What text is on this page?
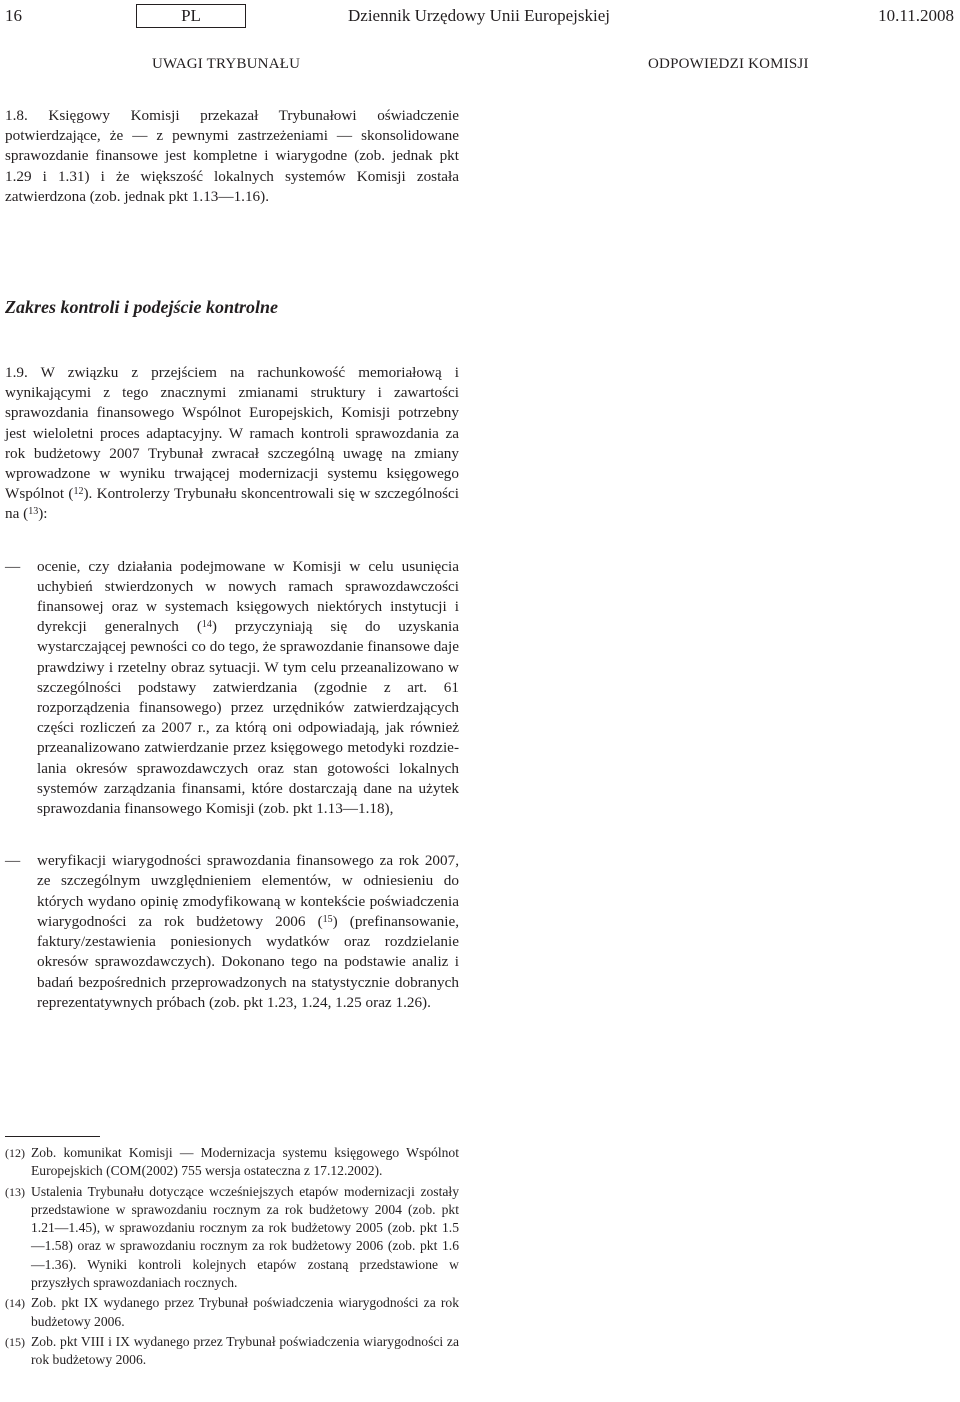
16	PL	Dziennik Urzędowy Unii Europejskiej	10.11.2008
UWAGI TRYBUNAŁU	ODPOWIEDZI KOMISJI

1.8. Księgowy Komisji przekazał Trybunałowi oświadczenie potwierdzające, że — z pewnymi zastrzeżeniami — skonsolidowane sprawozdanie finansowe jest kompletne i wiarygodne (zob. jednak pkt 1.29 i 1.31) i że większość lokalnych systemów Komisji została zatwierdzona (zob. jednak pkt 1.13—1.16).

Zakres kontroli i podejście kontrolne

1.9. W związku z przejściem na rachunkowość memoriałową i wynikającymi z tego znacznymi zmianami struktury i zawartości sprawozdania finansowego Wspólnot Europejskich, Komisji potrzebny jest wieloletni proces adaptacyjny. W ramach kontroli sprawozdania za rok budżetowy 2007 Trybunał zwracał szczególną uwagę na zmiany wprowadzone w wyniku trwającej modernizacji systemu księgowego Wspólnot ($^{12}$). Kontrolerzy Trybunału skoncentrowali się w szczególności na ($^{13}$):

—	ocenie, czy działania podejmowane w Komisji w celu usunięcia uchybień stwierdzonych w nowych ramach sprawozdawczości finansowej oraz w systemach księgowych niektórych instytucji i dyrekcji generalnych ($^{14}$) przyczyniają się do uzyskania wystarczającej pewności co do tego, że sprawozdanie finansowe daje prawdziwy i rzetelny obraz sytuacji. W tym celu przeanalizowano w szczególności podstawy zatwierdzania (zgodnie z art. 61 rozporządzenia finansowego) przez urzędników zatwierdzających części rozliczeń za 2007 r., za którą oni odpowiadają, jak również przeanalizowano zatwierdzanie przez księgowego metodyki rozdzielania okresów sprawozdawczych oraz stan gotowości lokalnych systemów zarządzania finansami, które dostarczają dane na użytek sprawozdania finansowego Komisji (zob. pkt 1.13—1.18),
—	weryfikacji wiarygodności sprawozdania finansowego za rok 2007, ze szczególnym uwzględnieniem elementów, w odniesieniu do których wydano opinię zmodyfikowaną w kontekście poświadczenia wiarygodności za rok budżetowy 2006 ($^{15}$) (prefinansowanie, faktury/zestawienia poniesionych wydatków oraz rozdzielanie okresów sprawozdawczych). Dokonano tego na podstawie analiz i badań bezpośrednich przeprowadzonych na statystycznie dobranych reprezentatywnych próbach (zob. pkt 1.23, 1.24, 1.25 oraz 1.26).

(12) Zob. komunikat Komisji — Modernizacja systemu księgowego Wspólnot Europejskich (COM(2002) 755 wersja ostateczna z 17.12.2002).

(13) Ustalenia Trybunału dotyczące wcześniejszych etapów modernizacji zostały przedstawione w sprawozdaniu rocznym za rok budżetowy 2004 (zob. pkt 1.21—1.45), w sprawozdaniu rocznym za rok budżetowy 2005 (zob. pkt 1.5—1.58) oraz w sprawozdaniu rocznym za rok budżetowy 2006 (zob. pkt 1.6—1.36). Wyniki kontroli kolejnych etapów zostaną przedstawione w przyszłych sprawozdaniach rocznych.

(14) Zob. pkt IX wydanego przez Trybunał poświadczenia wiarygodności za rok budżetowy 2006.

(15) Zob. pkt VIII i IX wydanego przez Trybunał poświadczenia wiarygodności za rok budżetowy 2006.
